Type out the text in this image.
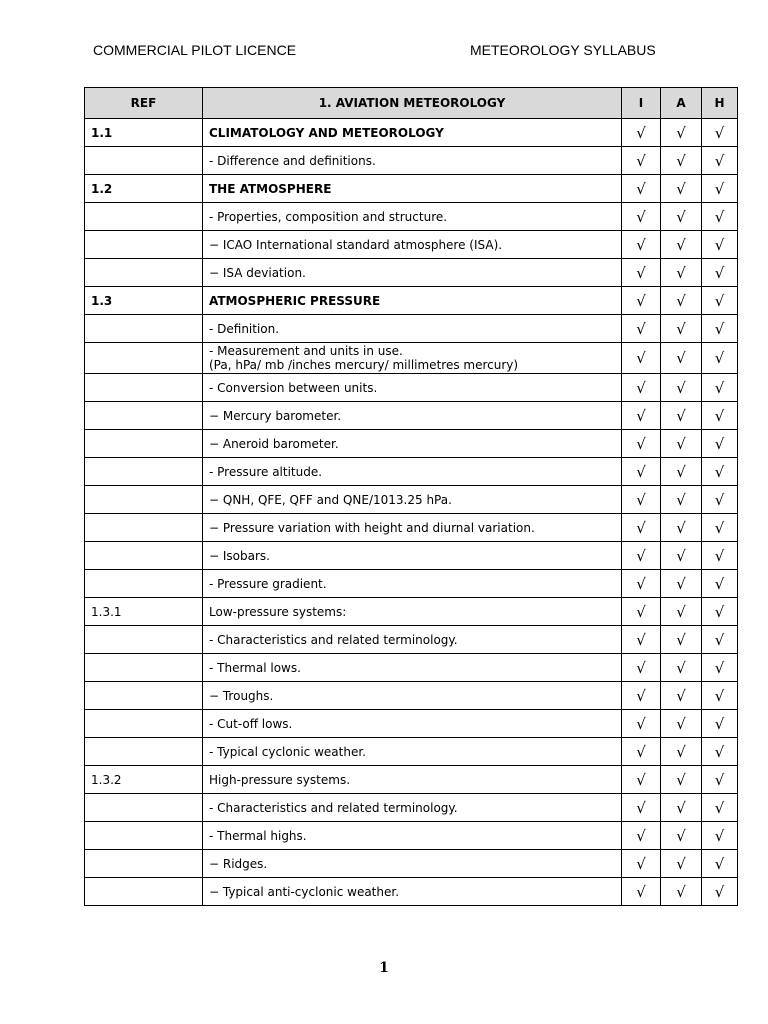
COMMERCIAL PILOT LICENCE	METEOROLOGY SYLLABUS
REF	1. AVIATION METEOROLOGY	I	A	H
1.1	CLIMATOLOGY AND METEOROLOGY	√	√	√
	- Difference and definitions.	√	√	√
1.2	THE ATMOSPHERE	√	√	√
	- Properties, composition and structure.	√	√	√
	− ICAO International standard atmosphere (ISA).	√	√	√
	− ISA deviation.	√	√	√
1.3	ATMOSPHERIC PRESSURE	√	√	√
	- Definition.	√	√	√
	- Measurement and units in use.
(Pa, hPa/ mb /inches mercury/ millimetres mercury)	√	√	√
	- Conversion between units.	√	√	√
	− Mercury barometer.	√	√	√
	− Aneroid barometer.	√	√	√
	- Pressure altitude.	√	√	√
	− QNH, QFE, QFF and QNE/1013.25 hPa.	√	√	√
	− Pressure variation with height and diurnal variation.	√	√	√
	− Isobars.	√	√	√
	- Pressure gradient.	√	√	√
1.3.1	Low-pressure systems:	√	√	√
	- Characteristics and related terminology.	√	√	√
	- Thermal lows.	√	√	√
	− Troughs.	√	√	√
	- Cut-off lows.	√	√	√
	- Typical cyclonic weather.	√	√	√
1.3.2	High-pressure systems.	√	√	√
	- Characteristics and related terminology.	√	√	√
	- Thermal highs.	√	√	√
	− Ridges.	√	√	√
	− Typical anti-cyclonic weather.	√	√	√
1
